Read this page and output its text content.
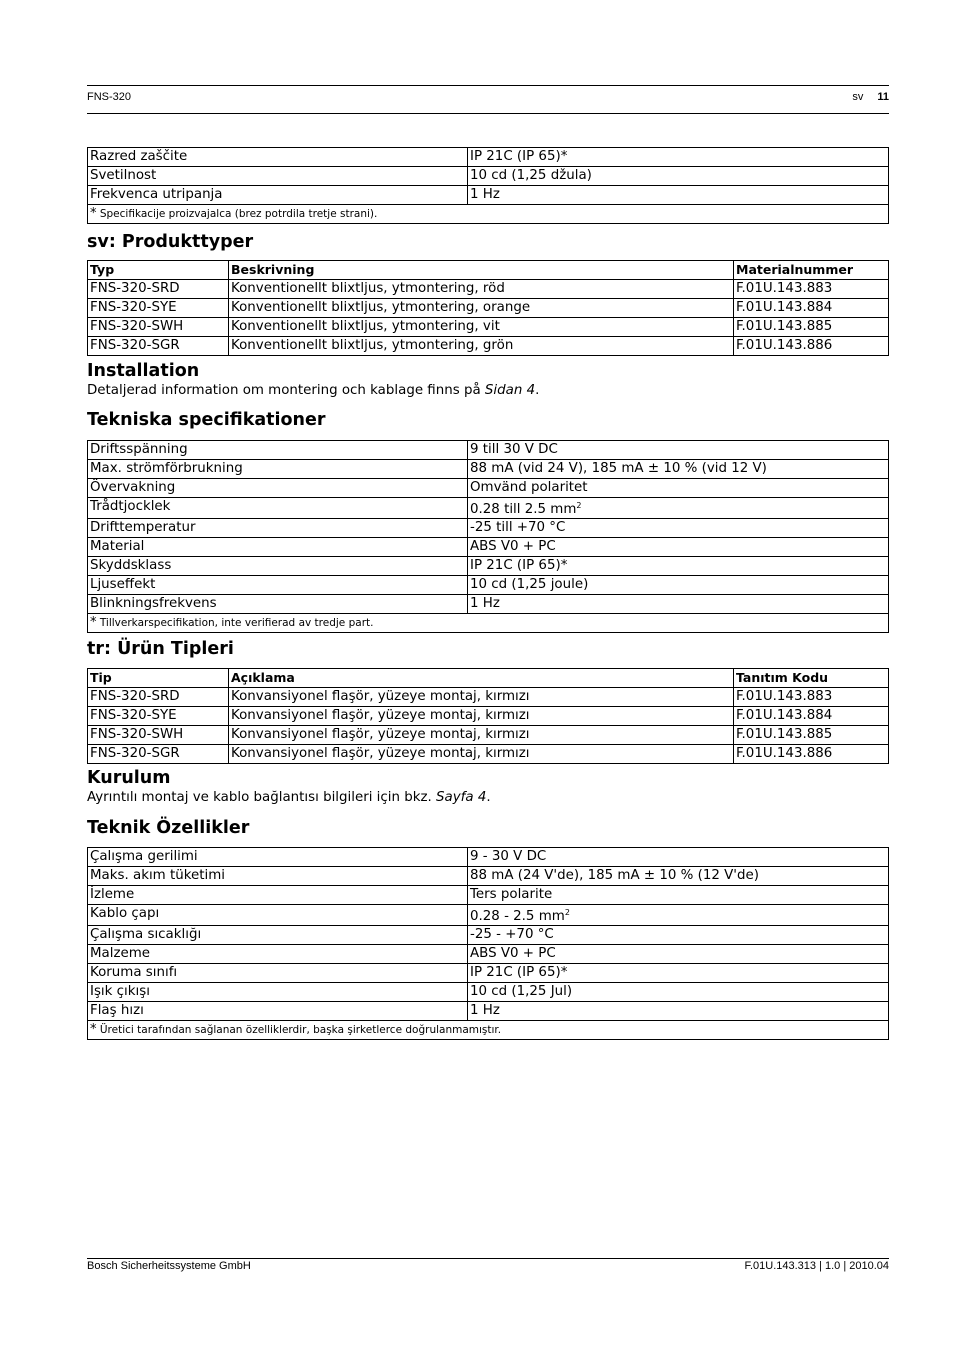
FNS-320	sv 11
Razred zaščite	IP 21C (IP 65)*
Svetilnost	10 cd (1,25 džula)
Frekvenca utripanja	1 Hz
* Specifikacije proizvajalca (brez potrdila tretje strani).	
sv: Produkttyper
Typ	Beskrivning	Materialnummer
FNS-320-SRD	Konventionellt blixtljus, ytmontering, röd	F.01U.143.883
FNS-320-SYE	Konventionellt blixtljus, ytmontering, orange	F.01U.143.884
FNS-320-SWH	Konventionellt blixtljus, ytmontering, vit	F.01U.143.885
FNS-320-SGR	Konventionellt blixtljus, ytmontering, grön	F.01U.143.886
Installation

Detaljerad information om montering och kablage finns på Sidan 4.

Tekniska specifikationer
Driftsspänning	9 till 30 V DC
Max. strömförbrukning	88 mA (vid 24 V), 185 mA ± 10 % (vid 12 V)
Övervakning	Omvänd polaritet
Trådtjocklek	0.28 till 2.5 $mm^2$
Drifttemperatur	-25 till +70 °C
Material	ABS V0 + PC
Skyddsklass	IP 21C (IP 65)*
Ljuseffekt	10 cd (1,25 joule)
Blinkningsfrekvens	1 Hz
* Tillverkarspecifikation, inte verifierad av tredje part.	
tr: Ürün Tipleri
Tip	Açıklama	Tanıtım Kodu
FNS-320-SRD	Konvansiyonel flaşör, yüzeye montaj, kırmızı	F.01U.143.883
FNS-320-SYE	Konvansiyonel flaşör, yüzeye montaj, kırmızı	F.01U.143.884
FNS-320-SWH	Konvansiyonel flaşör, yüzeye montaj, kırmızı	F.01U.143.885
FNS-320-SGR	Konvansiyonel flaşör, yüzeye montaj, kırmızı	F.01U.143.886
Kurulum

Ayrıntılı montaj ve kablo bağlantısı bilgileri için bkz. Sayfa 4.

Teknik Özellikler
Çalışma gerilimi	9 - 30 V DC
Maks. akım tüketimi	88 mA (24 V'de), 185 mA ± 10 % (12 V'de)
İzleme	Ters polarite
Kablo çapı	0.28 - 2.5 $mm^2$
Çalışma sıcaklığı	-25 - +70 °C
Malzeme	ABS V0 + PC
Koruma sınıfı	IP 21C (IP 65)*
Işık çıkışı	10 cd (1,25 Jul)
Flaş hızı	1 Hz
* Üretici tarafından sağlanan özelliklerdir, başka şirketlerce doğrulanmamıştır.	
Bosch Sicherheitssysteme GmbH	F.01U.143.313 | 1.0 | 2010.04
